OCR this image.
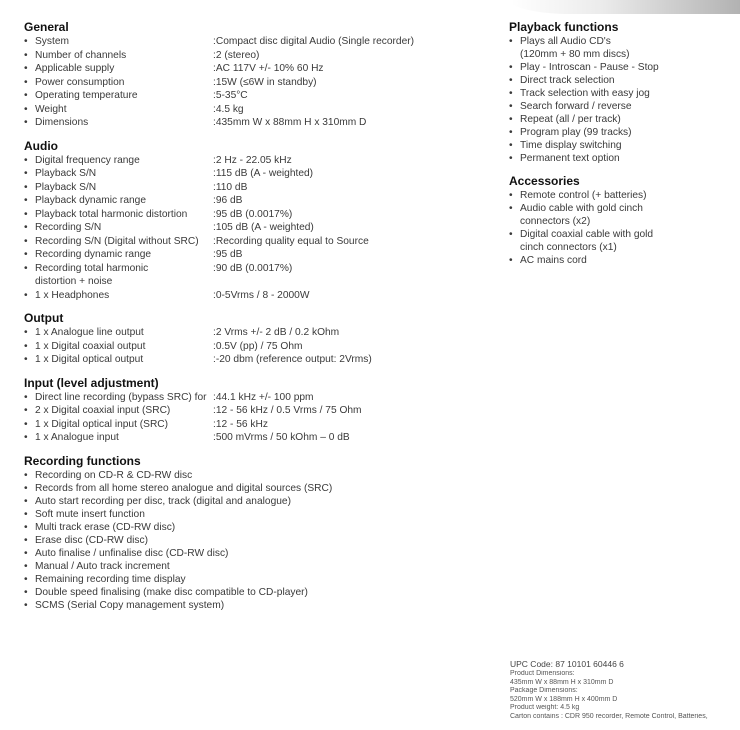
General
• System	: Compact disc digital Audio (Single recorder)
• Number of channels	: 2 (stereo)
• Applicable supply	: AC 117V +/- 10% 60 Hz
• Power consumption	: 15W (≤6W in standby)
• Operating temperature	: 5-35°C
• Weight	: 4.5 kg
• Dimensions	: 435mm W x 88mm H x 310mm D
Audio
• Digital frequency range	: 2 Hz - 22.05 kHz
• Playback S/N	: 115 dB (A - weighted)
• Playback S/N	: 110 dB
• Playback dynamic range	: 96 dB
• Playback total harmonic distortion	: 95 dB (0.0017%)
• Recording S/N	: 105 dB (A - weighted)
• Recording S/N (Digital without SRC) : Recording quality equal to Source
• Recording dynamic range	: 95 dB
• Recording total harmonic	: 90 dB (0.0017%)
distortion + noise
• 1 x Headphones	: 0-5Vrms / 8 - 2000W
Output
• 1 x Analogue line output	: 2 Vrms +/- 2 dB / 0.2 kOhm
• 1 x Digital coaxial output	: 0.5V (pp) / 75 Ohm
• 1 x Digital optical output	: -20 dbm (reference output: 2Vrms)
Input (level adjustment)
• Direct line recording (bypass SRC) for : 44.1 kHz +/- 100 ppm
• 2 x Digital coaxial input (SRC)	: 12 - 56 kHz / 0.5 Vrms / 75 Ohm
• 1 x Digital optical input (SRC)	: 12 - 56 kHz
• 1 x Analogue input	: 500 mVrms / 50 kOhm – 0 dB
Recording functions
• Recording on CD-R & CD-RW disc
• Records from all home stereo analogue and digital sources (SRC)
• Auto start recording per disc, track (digital and analogue)
• Soft mute insert function
• Multi track erase (CD-RW disc)
• Erase disc (CD-RW disc)
• Auto finalise / unfinalise disc (CD-RW disc)
• Manual / Auto track increment
• Remaining recording time display
• Double speed finalising (make disc compatible to CD-player)
• SCMS (Serial Copy management system)
Playback functions
• Plays all Audio CD's
(120mm + 80 mm discs)
• Play - Introscan - Pause - Stop
• Direct track selection
• Track selection with easy jog
• Search forward / reverse
• Repeat (all / per track)
• Program play (99 tracks)
• Time display switching
• Permanent text option
Accessories
• Remote control (+ batteries)
• Audio cable with gold cinch
connectors (x2)
• Digital coaxial cable with gold
cinch connectors (x1)
• AC mains cord
UPC Code: 87 10101 60446 6
Product Dimensions:
435mm W x 88mm H x 310mm D
Package Dimensions:
520mm W x 188mm H x 400mm D
Product weight: 4.5 kg
Carton contains : CDR 950 recorder, Remote Control, Batteries,
